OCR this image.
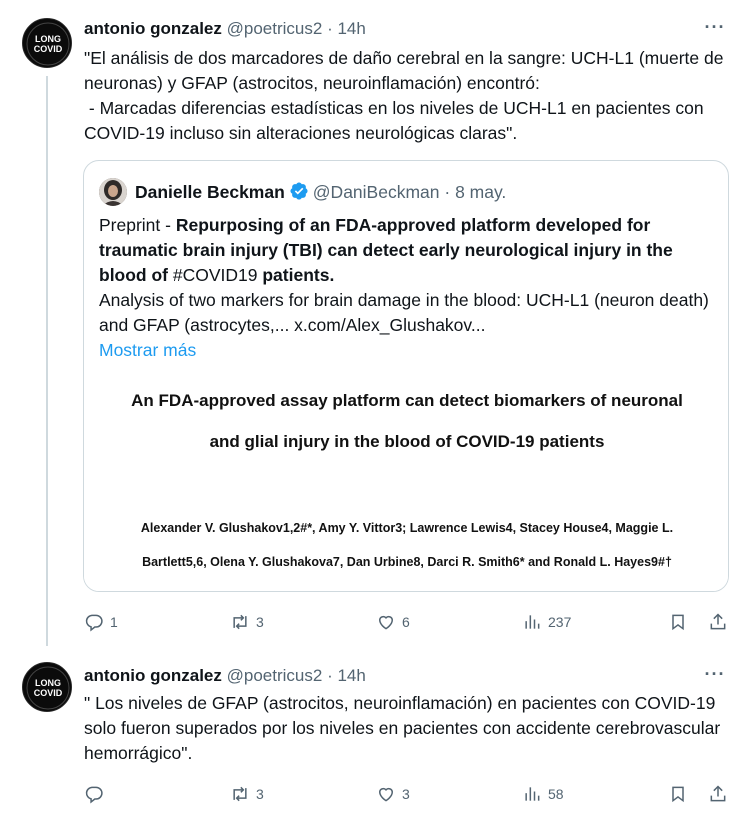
LONG
COVID
antonio gonzalez @poetricus2 · 14h	···
"El análisis de dos marcadores de daño cerebral en la sangre: UCH-L1 (muerte de neuronas) y GFAP (astrocitos, neuroinflamación) encontró:
- Marcadas diferencias estadísticas en los niveles de UCH-L1 en pacientes con COVID-19 incluso sin alteraciones neurológicas claras".
Danielle Beckman @DaniBeckman · 8 may.
Preprint - Repurposing of an FDA-approved platform developed for traumatic brain injury (TBI) can detect early neurological injury in the blood of #COVID19 patients.
Analysis of two markers for brain damage in the blood: UCH-L1 (neuron death) and GFAP (astrocytes,... x.com/Alex_Glushakov...
Mostrar más
An FDA-approved assay platform can detect biomarkers of neuronal
and glial injury in the blood of COVID-19 patients
Alexander V. Glushakov1,2#*, Amy Y. Vittor3; Lawrence Lewis4, Stacey House4, Maggie L.
Bartlett5,6, Olena Y. Glushakova7, Dan Urbine8, Darci R. Smith6* and Ronald L. Hayes9#†
1	3	6	237
LONG
COVID
antonio gonzalez @poetricus2 · 14h	···
" Los niveles de GFAP (astrocitos, neuroinflamación) en pacientes con COVID-19 solo fueron superados por los niveles en pacientes con accidente cerebrovascular hemorrágico".
3	3	58
